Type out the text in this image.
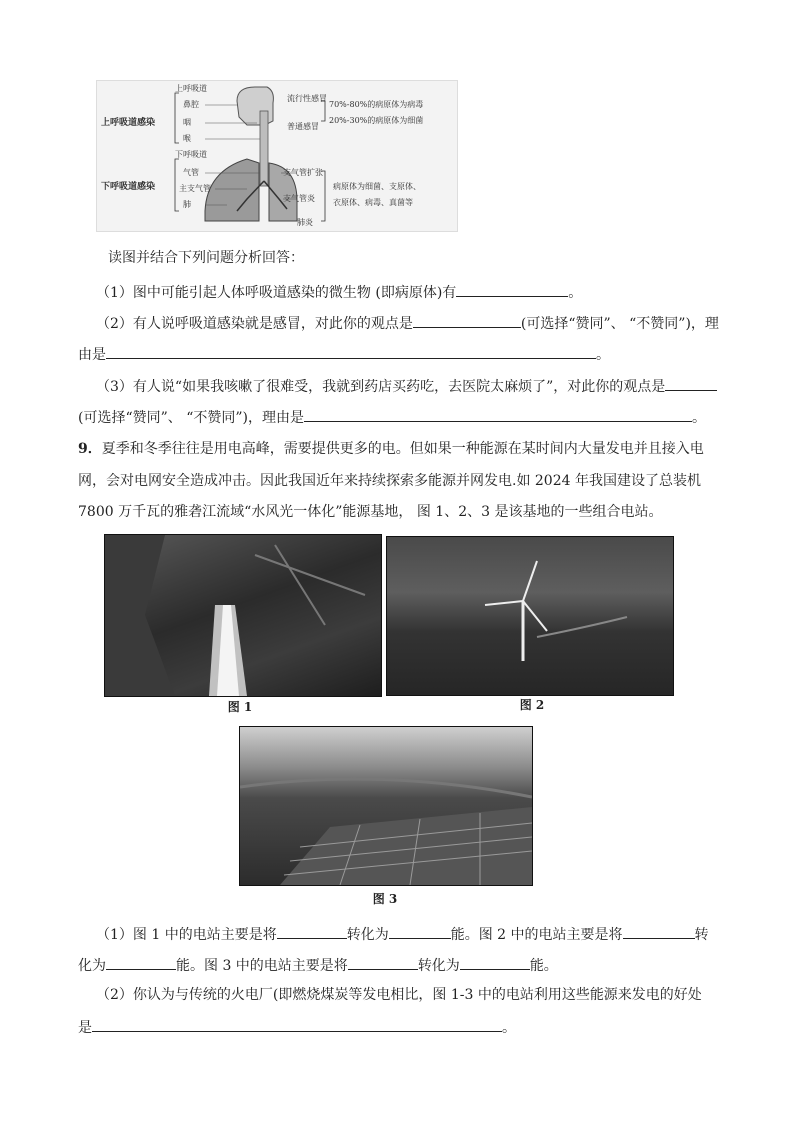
上呼吸道感染
下呼吸道感染
上呼吸道
鼻腔
咽
喉
下呼吸道
气管
主支气管
肺
流行性感冒
普通感冒
70%-80%的病原体为病毒
20%-30%的病原体为细菌
支气管扩张
支气管炎
肺炎
病原体为细菌、支原体、
衣原体、病毒、真菌等
读图并结合下列问题分析回答：
（1）图中可能引起人体呼吸道感染的微生物 (即病原体)有	。
（2）有人说呼吸道感染就是感冒，对此你的观点是	(可选择“赞同”、 “不赞同”)，理
由是	。
（3）有人说“如果我咳嗽了很难受，我就到药店买药吃，去医院太麻烦了”，对此你的观点是
(可选择“赞同”、 “不赞同”)，理由是	。
9．夏季和冬季往往是用电高峰，需要提供更多的电。但如果一种能源在某时间内大量发电并且接入电
网，会对电网安全造成冲击。因此我国近年来持续探索多能源并网发电.如 2024 年我国建设了总装机
7800 万千瓦的雅砻江流域“水风光一体化”能源基地， 图 1、2、3 是该基地的一些组合电站。
图 1	图 2
图 3
（1）图 1 中的电站主要是将	转化为	能。图 2 中的电站主要是将	转
化为	能。图 3 中的电站主要是将	转化为	能。
（2）你认为与传统的火电厂(即燃烧煤炭等发电相比，图 1-3 中的电站利用这些能源来发电的好处
是	。
